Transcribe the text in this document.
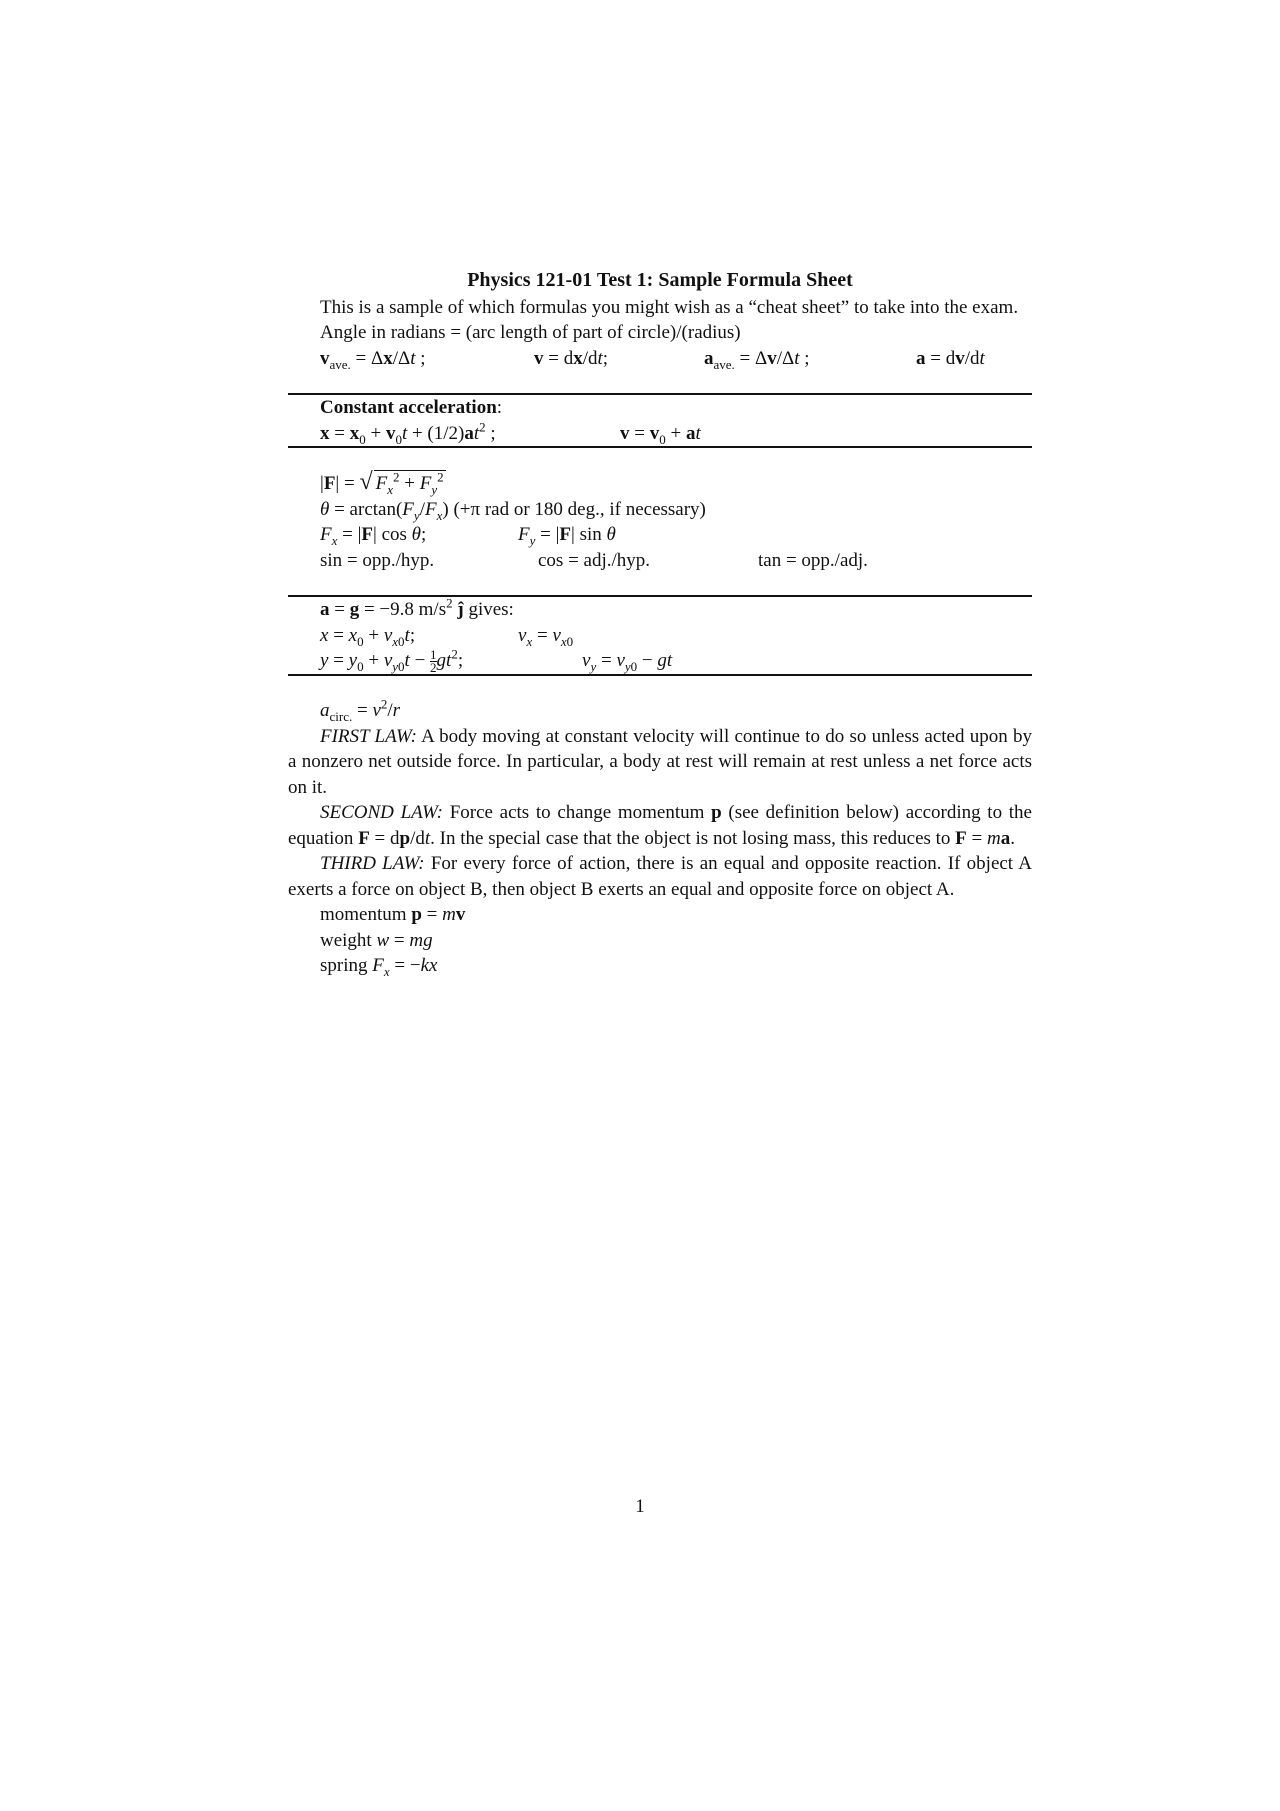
Physics 121-01 Test 1: Sample Formula Sheet

This is a sample of which formulas you might wish as a “cheat sheet” to take into the exam.

Angle in radians = (arc length of part of circle)/(radius)
$v_{ave.} = \Delta x/\Delta t$ ;	v = dx/dt;	$a_{ave.} = \Delta v/\Delta t$ ;	a = dv/dt
Constant acceleration:
$x = x_0 + v_0t + (1/2)at^2$ ;	$v = v_0$ + at
|F| = √ $F_x^2 + F_y^2$
$\theta = \arctan(F_y/F_x)$ (+π rad or 180 deg., if necessary)
$F_x = |F|$ cos θ;	$F_y = |F|$ sin θ
sin = opp./hyp.	cos = adj./hyp.	tan = opp./adj.
a = g = −9.8 $m/s^2$ ĵ gives:
$x = x_0 + v_{x0}t$;	$v_x = v_{x0}$
$y = y_0 + v_{y0}t - \frac{1}{2} gt^2$;	$v_y = v_{y0}$ − gt
$a_{circ.} = v^2/r$

FIRST LAW: A body moving at constant velocity will continue to do so unless acted upon by a nonzero net outside force. In particular, a body at rest will remain at rest unless a net force acts on it.

SECOND LAW: Force acts to change momentum p (see definition below) according to the equation F = dp/dt. In the special case that the object is not losing mass, this reduces to F = ma.

THIRD LAW: For every force of action, there is an equal and opposite reaction. If object A exerts a force on object B, then object B exerts an equal and opposite force on object A.

momentum p = mv
weight w = mg
spring $F_x = -kx$
1
